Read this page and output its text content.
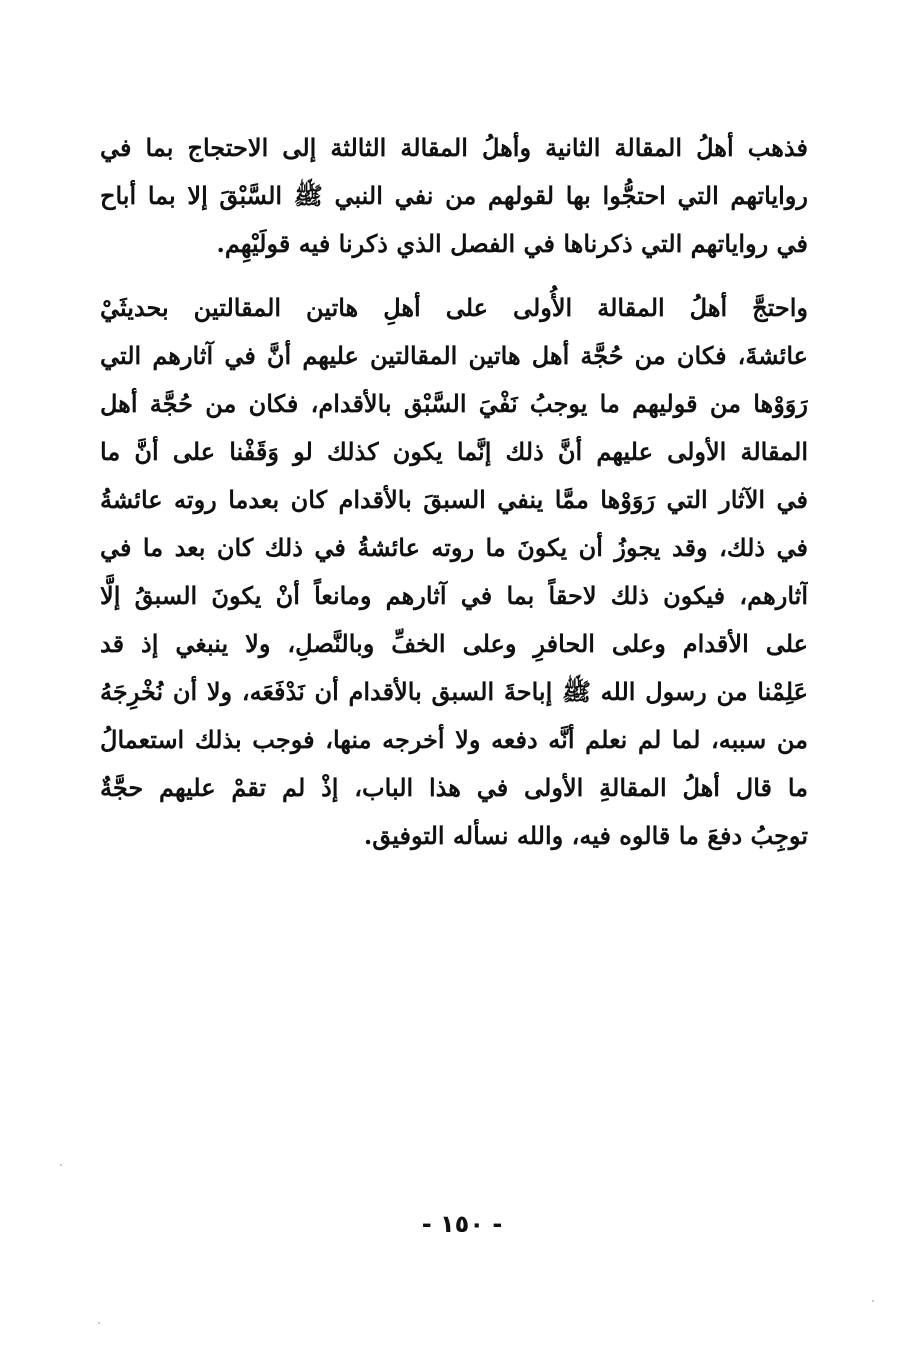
فذهب أهلُ المقالة الثانية وأهلُ المقالة الثالثة إلى الاحتجاج بما في
رواياتهم التي احتجُّوا بها لقولهم من نفي النبي ﷺ السَّبْقَ إلا بما أباح
في رواياتهم التي ذكرناها في الفصل الذي ذكرنا فيه قولَيْهِم.
واحتجَّ أهلُ المقالة الأُولى على أهلِ هاتين المقالتين بحديثَيْ
عائشةَ، فكان من حُجَّة أهل هاتين المقالتين عليهم أنَّ في آثارهم التي
رَوَوْها من قوليهم ما يوجبُ نَفْيَ السَّبْق بالأقدام، فكان من حُجَّة أهل
المقالة الأولى عليهم أنَّ ذلك إنَّما يكون كذلك لو وَقَفْنا على أنَّ ما
في الآثار التي رَوَوْها ممَّا ينفي السبقَ بالأقدام كان بعدما روته عائشةُ
في ذلك، وقد يجوزُ أن يكونَ ما روته عائشةُ في ذلك كان بعد ما في
آثارهم، فيكون ذلك لاحقاً بما في آثارهم ومانعاً أنْ يكونَ السبقُ إلَّا
على الأقدام وعلى الحافرِ وعلى الخفِّ وبالنَّصلِ، ولا ينبغي إذ قد
عَلِمْنا من رسول الله ﷺ إباحةَ السبق بالأقدام أن نَدْفَعَه، ولا أن نُخْرِجَهُ
من سببه، لما لم نعلم أنَّه دفعه ولا أخرجه منها، فوجب بذلك استعمالُ
ما قال أهلُ المقالةِ الأولى في هذا الباب، إذْ لم تقمْ عليهم حجَّةٌ
توجِبُ دفعَ ما قالوه فيه، والله نسأله التوفيق.
- ١٥٠ -
